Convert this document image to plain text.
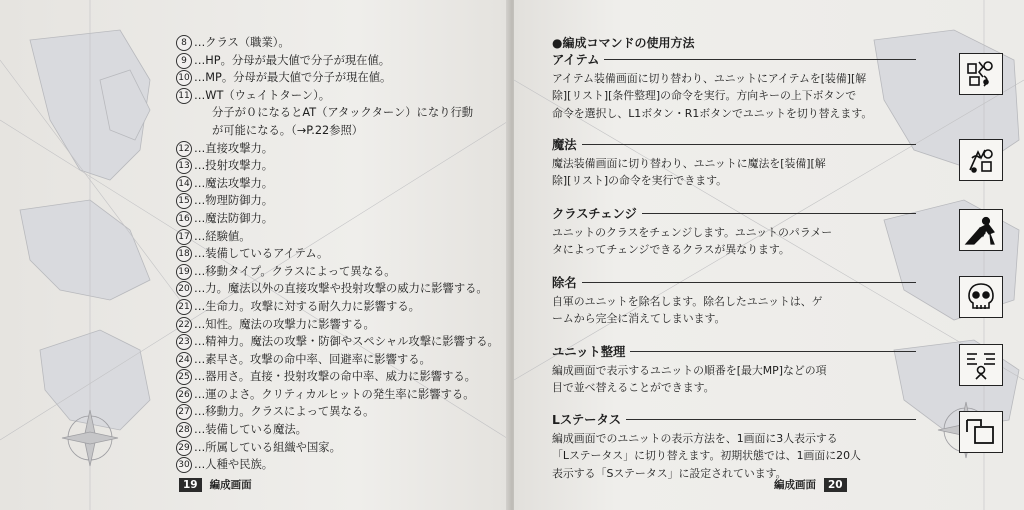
8 …クラス（職業）。
9 …HP。分母が最大値で分子が現在値。
10 …MP。分母が最大値で分子が現在値。
11 …WT（ウェイトターン）。
分子が０になるとAT（アタックターン）になり行動
が可能になる。（→P.22参照）
12 …直接攻撃力。
13 …投射攻撃力。
14 …魔法攻撃力。
15 …物理防御力。
16 …魔法防御力。
17 …経験値。
18 …装備しているアイテム。
19 …移動タイプ。クラスによって異なる。
20 …力。魔法以外の直接攻撃や投射攻撃の威力に影響する。
21 …生命力。攻撃に対する耐久力に影響する。
22 …知性。魔法の攻撃力に影響する。
23 …精神力。魔法の攻撃・防御やスペシャル攻撃に影響する。
24 …素早さ。攻撃の命中率、回避率に影響する。
25 …器用さ。直接・投射攻撃の命中率、威力に影響する。
26 …運のよさ。クリティカルヒットの発生率に影響する。
27 …移動力。クラスによって異なる。
28 …装備している魔法。
29 …所属している組織や国家。
30 …人種や民族。
19	編成画面
●編成コマンドの使用方法
アイテム
アイテム装備画面に切り替わり、ユニットにアイテムを[装備][解
除][リスト][条件整理]の命令を実行。方向キーの上下ボタンで
命令を選択し、L1ボタン・R1ボタンでユニットを切り替えます。
魔法
魔法装備画面に切り替わり、ユニットに魔法を[装備][解
除][リスト]の命令を実行できます。
クラスチェンジ
ユニットのクラスをチェンジします。ユニットのパラメー
タによってチェンジできるクラスが異なります。
除名
自軍のユニットを除名します。除名したユニットは、ゲ
ームから完全に消えてしまいます。
ユニット整理
編成画面で表示するユニットの順番を[最大MP]などの項
目で並べ替えることができます。
Lステータス
編成画面でのユニットの表示方法を、1画面に3人表示する
「Lステータス」に切り替えます。初期状態では、1画面に20人
表示する「Sステータス」に設定されています。
編成画面	20
